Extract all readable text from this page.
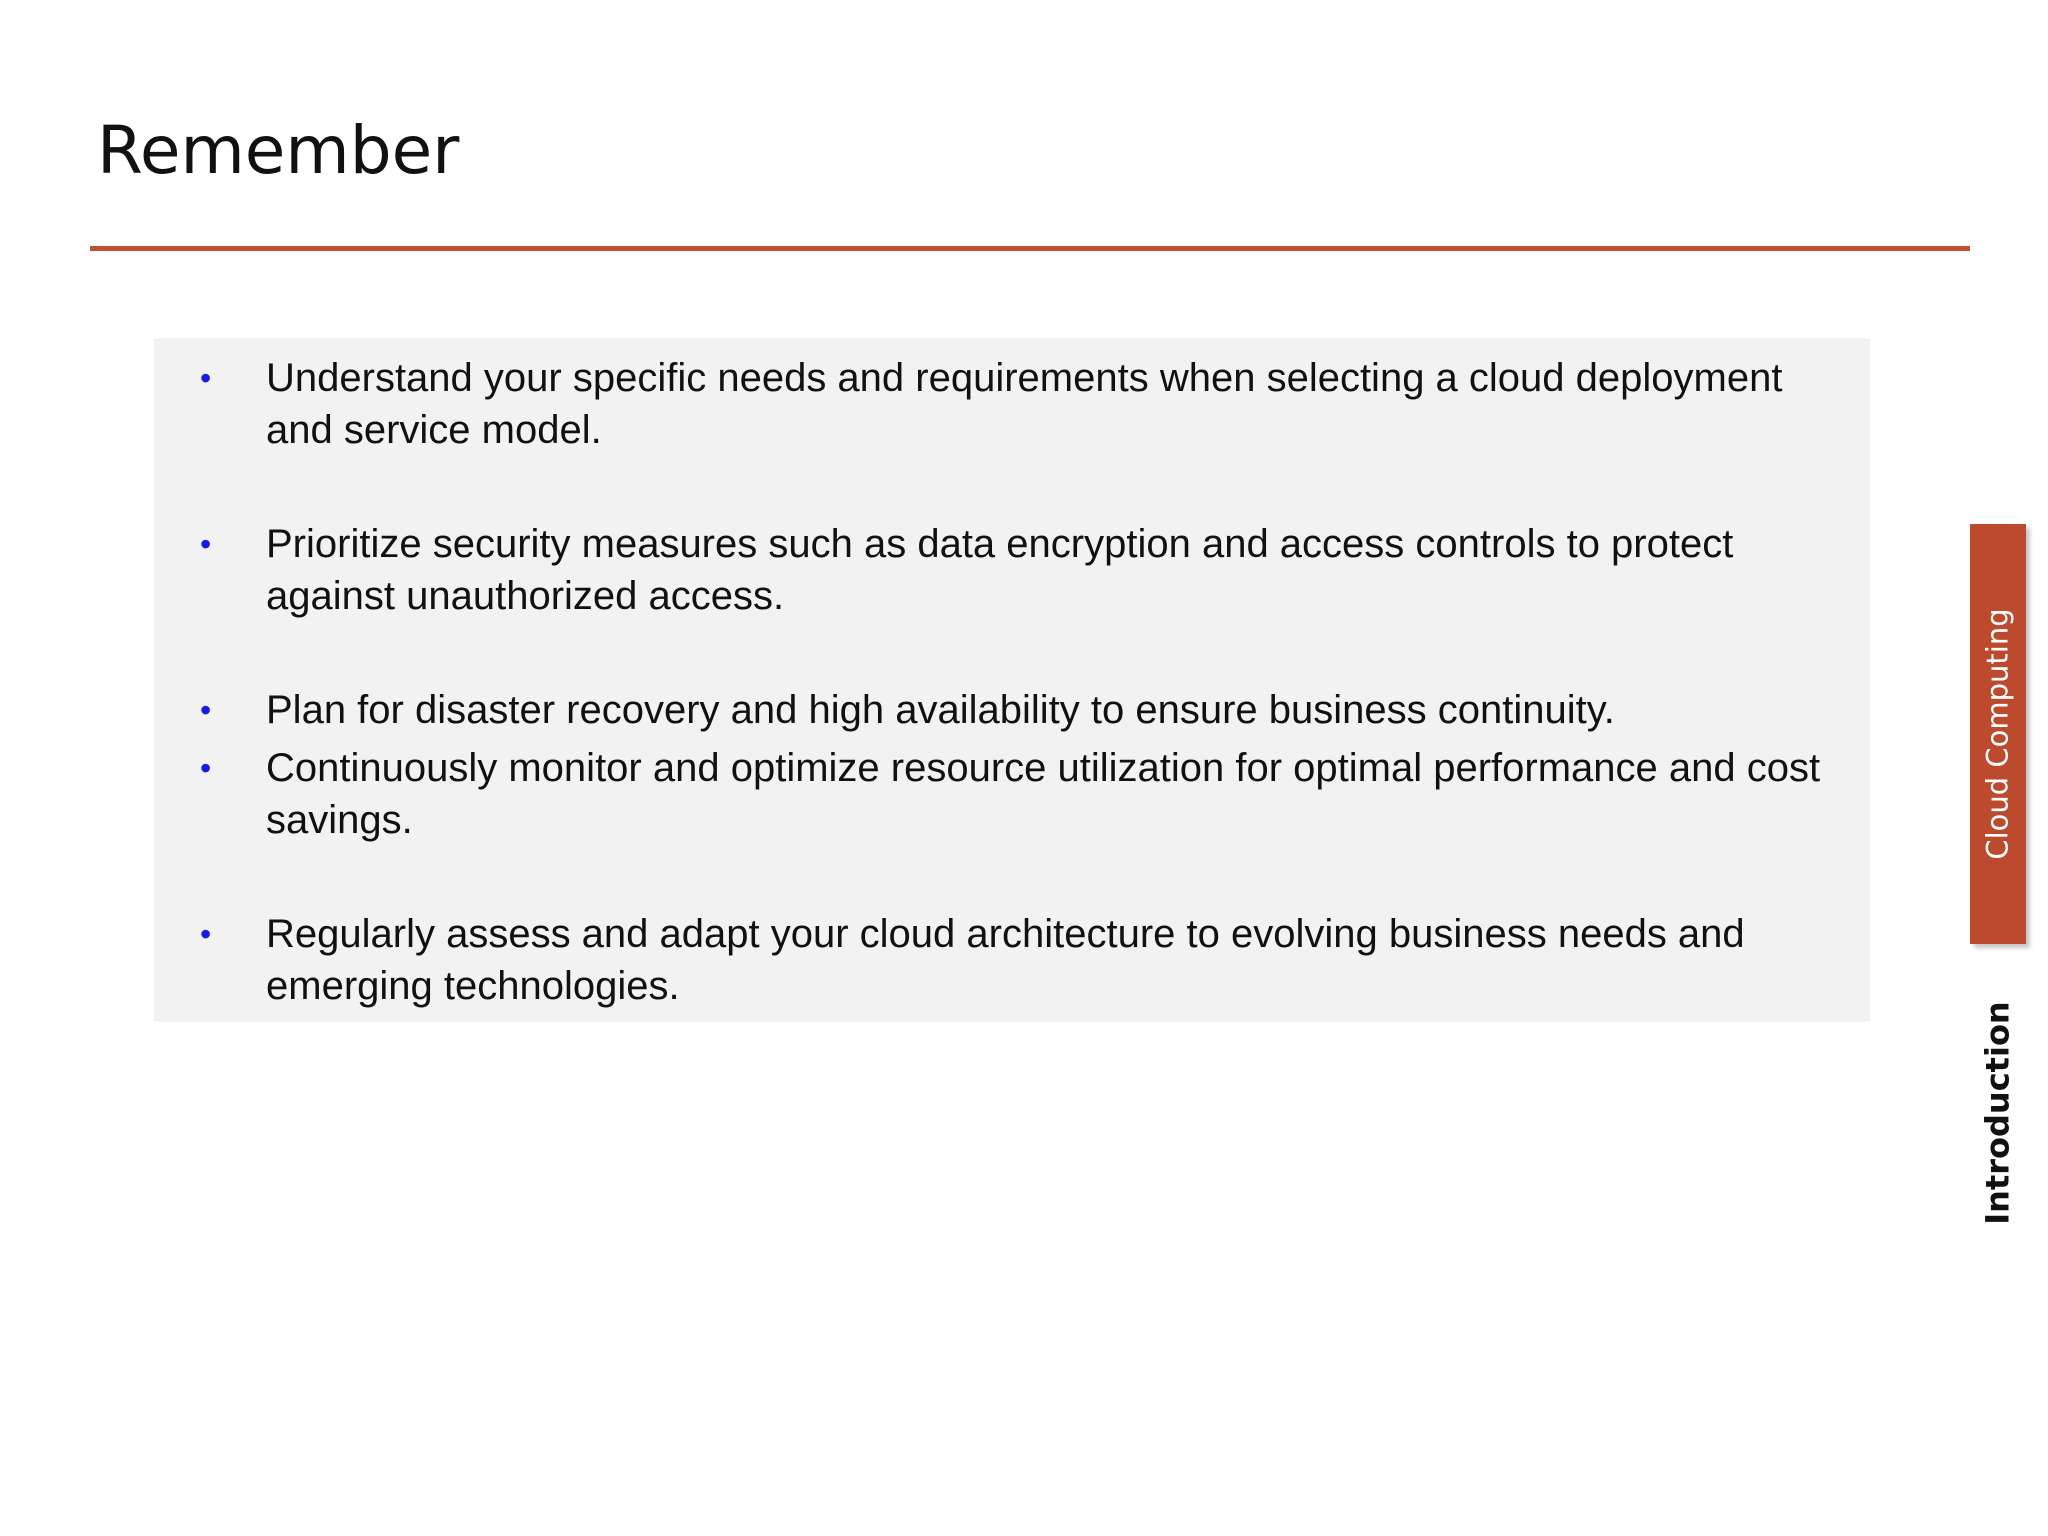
Remember
• Understand your specific needs and requirements when selecting a cloud deployment and service model.
• Prioritize security measures such as data encryption and access controls to protect against unauthorized access.
• Plan for disaster recovery and high availability to ensure business continuity.
• Continuously monitor and optimize resource utilization for optimal performance and cost savings.
• Regularly assess and adapt your cloud architecture to evolving business needs and emerging technologies.
Cloud Computing
Introduction
